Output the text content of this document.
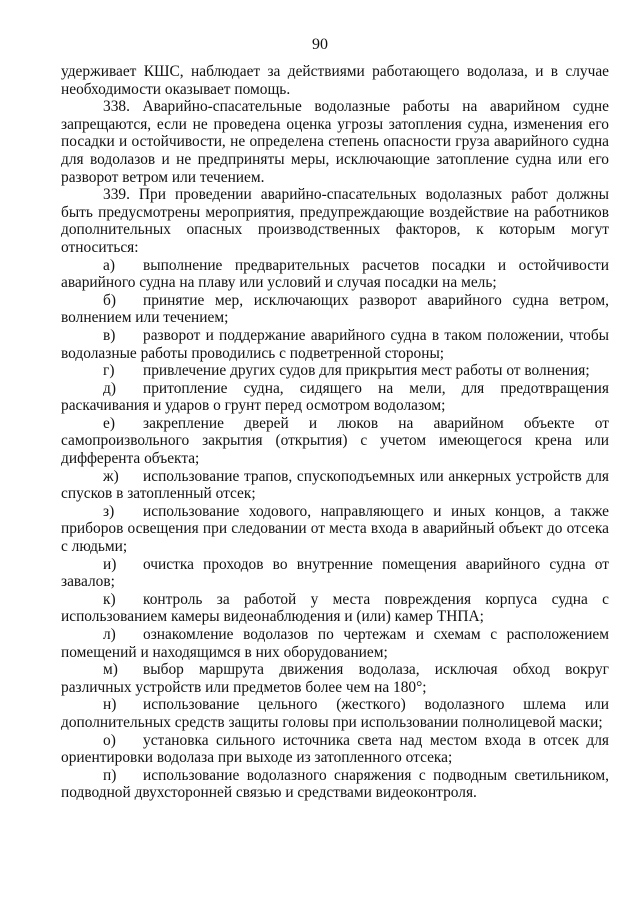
90

удерживает КШС, наблюдает за действиями работающего водолаза, и в случае необходимости оказывает помощь.

338. Аварийно-спасательные водолазные работы на аварийном судне запрещаются, если не проведена оценка угрозы затопления судна, изменения его посадки и остойчивости, не определена степень опасности груза аварийного судна для водолазов и не предприняты меры, исключающие затопление судна или его разворот ветром или течением.

339. При проведении аварийно-спасательных водолазных работ должны быть предусмотрены мероприятия, предупреждающие воздействие на работников дополнительных опасных производственных факторов, к которым могут относиться:

а) выполнение предварительных расчетов посадки и остойчивости аварийного судна на плаву или условий и случая посадки на мель;

б) принятие мер, исключающих разворот аварийного судна ветром, волнением или течением;

в) разворот и поддержание аварийного судна в таком положении, чтобы водолазные работы проводились с подветренной стороны;

г) привлечение других судов для прикрытия мест работы от волнения;

д) притопление судна, сидящего на мели, для предотвращения раскачивания и ударов о грунт перед осмотром водолазом;

е) закрепление дверей и люков на аварийном объекте от самопроизвольного закрытия (открытия) с учетом имеющегося крена или дифферента объекта;

ж) использование трапов, спускоподъемных или анкерных устройств для спусков в затопленный отсек;

з) использование ходового, направляющего и иных концов, а также приборов освещения при следовании от места входа в аварийный объект до отсека с людьми;

и) очистка проходов во внутренние помещения аварийного судна от завалов;

к) контроль за работой у места повреждения корпуса судна с использованием камеры видеонаблюдения и (или) камер ТНПА;

л) ознакомление водолазов по чертежам и схемам с расположением помещений и находящимся в них оборудованием;

м) выбор маршрута движения водолаза, исключая обход вокруг различных устройств или предметов более чем на 180°;

н) использование цельного (жесткого) водолазного шлема или дополнительных средств защиты головы при использовании полнолицевой маски;

о) установка сильного источника света над местом входа в отсек для ориентировки водолаза при выходе из затопленного отсека;

п) использование водолазного снаряжения с подводным светильником, подводной двухсторонней связью и средствами видеоконтроля.
